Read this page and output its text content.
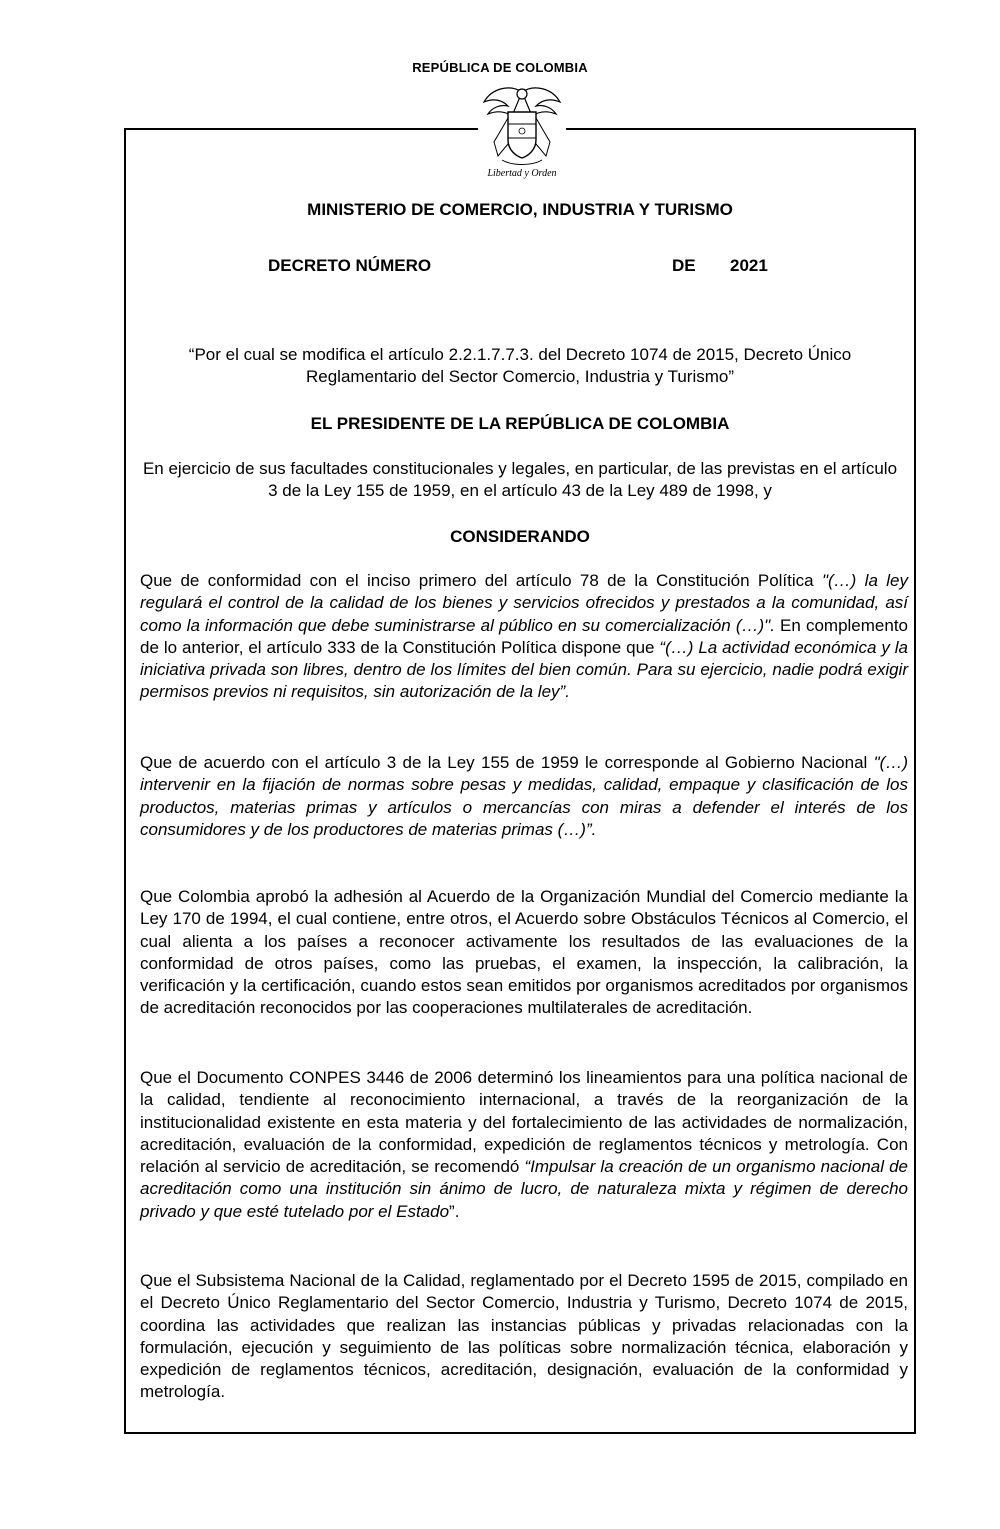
REPÚBLICA DE COLOMBIA
Libertad y Orden
MINISTERIO DE COMERCIO, INDUSTRIA Y TURISMO
DECRETO NÚMERO	DE 2021
“Por el cual se modifica el artículo 2.2.1.7.7.3. del Decreto 1074 de 2015, Decreto Único Reglamentario del Sector Comercio, Industria y Turismo”
EL PRESIDENTE DE LA REPÚBLICA DE COLOMBIA
En ejercicio de sus facultades constitucionales y legales, en particular, de las previstas en el artículo 3 de la Ley 155 de 1959, en el artículo 43 de la Ley 489 de 1998, y
CONSIDERANDO

Que de conformidad con el inciso primero del artículo 78 de la Constitución Política "(…) la ley regulará el control de la calidad de los bienes y servicios ofrecidos y prestados a la comunidad, así como la información que debe suministrarse al público en su comercialización (…)". En complemento de lo anterior, el artículo 333 de la Constitución Política dispone que “(…) La actividad económica y la iniciativa privada son libres, dentro de los límites del bien común. Para su ejercicio, nadie podrá exigir permisos previos ni requisitos, sin autorización de la ley”.

Que de acuerdo con el artículo 3 de la Ley 155 de 1959 le corresponde al Gobierno Nacional "(…) intervenir en la fijación de normas sobre pesas y medidas, calidad, empaque y clasificación de los productos, materias primas y artículos o mercancías con miras a defender el interés de los consumidores y de los productores de materias primas (…)”.

Que Colombia aprobó la adhesión al Acuerdo de la Organización Mundial del Comercio mediante la Ley 170 de 1994, el cual contiene, entre otros, el Acuerdo sobre Obstáculos Técnicos al Comercio, el cual alienta a los países a reconocer activamente los resultados de las evaluaciones de la conformidad de otros países, como las pruebas, el examen, la inspección, la calibración, la verificación y la certificación, cuando estos sean emitidos por organismos acreditados por organismos de acreditación reconocidos por las cooperaciones multilaterales de acreditación.

Que el Documento CONPES 3446 de 2006 determinó los lineamientos para una política nacional de la calidad, tendiente al reconocimiento internacional, a través de la reorganización de la institucionalidad existente en esta materia y del fortalecimiento de las actividades de normalización, acreditación, evaluación de la conformidad, expedición de reglamentos técnicos y metrología. Con relación al servicio de acreditación, se recomendó “Impulsar la creación de un organismo nacional de acreditación como una institución sin ánimo de lucro, de naturaleza mixta y régimen de derecho privado y que esté tutelado por el Estado”.

Que el Subsistema Nacional de la Calidad, reglamentado por el Decreto 1595 de 2015, compilado en el Decreto Único Reglamentario del Sector Comercio, Industria y Turismo, Decreto 1074 de 2015, coordina las actividades que realizan las instancias públicas y privadas relacionadas con la formulación, ejecución y seguimiento de las políticas sobre normalización técnica, elaboración y expedición de reglamentos técnicos, acreditación, designación, evaluación de la conformidad y metrología.
